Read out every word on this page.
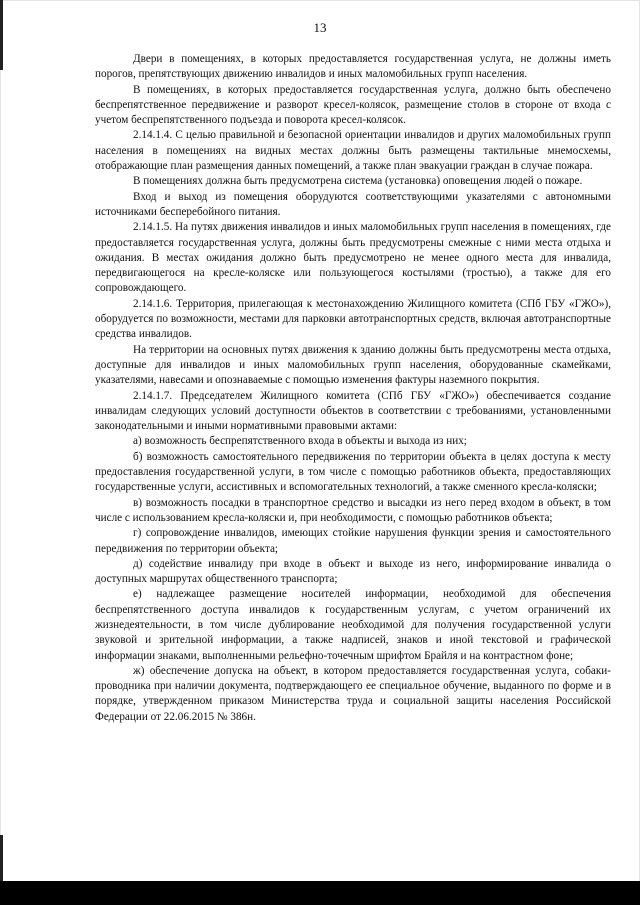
13

Двери в помещениях, в которых предоставляется государственная услуга, не должны иметь порогов, препятствующих движению инвалидов и иных маломобильных групп населения.

В помещениях, в которых предоставляется государственная услуга, должно быть обеспечено беспрепятственное передвижение и разворот кресел-колясок, размещение столов в стороне от входа с учетом беспрепятственного подъезда и поворота кресел-колясок.

2.14.1.4. С целью правильной и безопасной ориентации инвалидов и других маломобильных групп населения в помещениях на видных местах должны быть размещены тактильные мнемосхемы, отображающие план размещения данных помещений, а также план эвакуации граждан в случае пожара.

В помещениях должна быть предусмотрена система (установка) оповещения людей о пожаре.

Вход и выход из помещения оборудуются соответствующими указателями с автономными источниками бесперебойного питания.

2.14.1.5. На путях движения инвалидов и иных маломобильных групп населения в помещениях, где предоставляется государственная услуга, должны быть предусмотрены смежные с ними места отдыха и ожидания. В местах ожидания должно быть предусмотрено не менее одного места для инвалида, передвигающегося на кресле-коляске или пользующегося костылями (тростью), а также для его сопровождающего.

2.14.1.6. Территория, прилегающая к местонахождению Жилищного комитета (СПб ГБУ «ГЖО»), оборудуется по возможности, местами для парковки автотранспортных средств, включая автотранспортные средства инвалидов.

На территории на основных путях движения к зданию должны быть предусмотрены места отдыха, доступные для инвалидов и иных маломобильных групп населения, оборудованные скамейками, указателями, навесами и опознаваемые с помощью изменения фактуры наземного покрытия.

2.14.1.7. Председателем Жилищного комитета (СПб ГБУ «ГЖО») обеспечивается создание инвалидам следующих условий доступности объектов в соответствии с требованиями, установленными законодательными и иными нормативными правовыми актами:

а) возможность беспрепятственного входа в объекты и выхода из них;

б) возможность самостоятельного передвижения по территории объекта в целях доступа к месту предоставления государственной услуги, в том числе с помощью работников объекта, предоставляющих государственные услуги, ассистивных и вспомогательных технологий, а также сменного кресла-коляски;

в) возможность посадки в транспортное средство и высадки из него перед входом в объект, в том числе с использованием кресла-коляски и, при необходимости, с помощью работников объекта;

г) сопровождение инвалидов, имеющих стойкие нарушения функции зрения и самостоятельного передвижения по территории объекта;

д) содействие инвалиду при входе в объект и выходе из него, информирование инвалида о доступных маршрутах общественного транспорта;

е) надлежащее размещение носителей информации, необходимой для обеспечения беспрепятственного доступа инвалидов к государственным услугам, с учетом ограничений их жизнедеятельности, в том числе дублирование необходимой для получения государственной услуги звуковой и зрительной информации, а также надписей, знаков и иной текстовой и графической информации знаками, выполненными рельефно-точечным шрифтом Брайля и на контрастном фоне;

ж) обеспечение допуска на объект, в котором предоставляется государственная услуга, собаки-проводника при наличии документа, подтверждающего ее специальное обучение, выданного по форме и в порядке, утвержденном приказом Министерства труда и социальной защиты населения Российской Федерации от 22.06.2015 № 386н.
